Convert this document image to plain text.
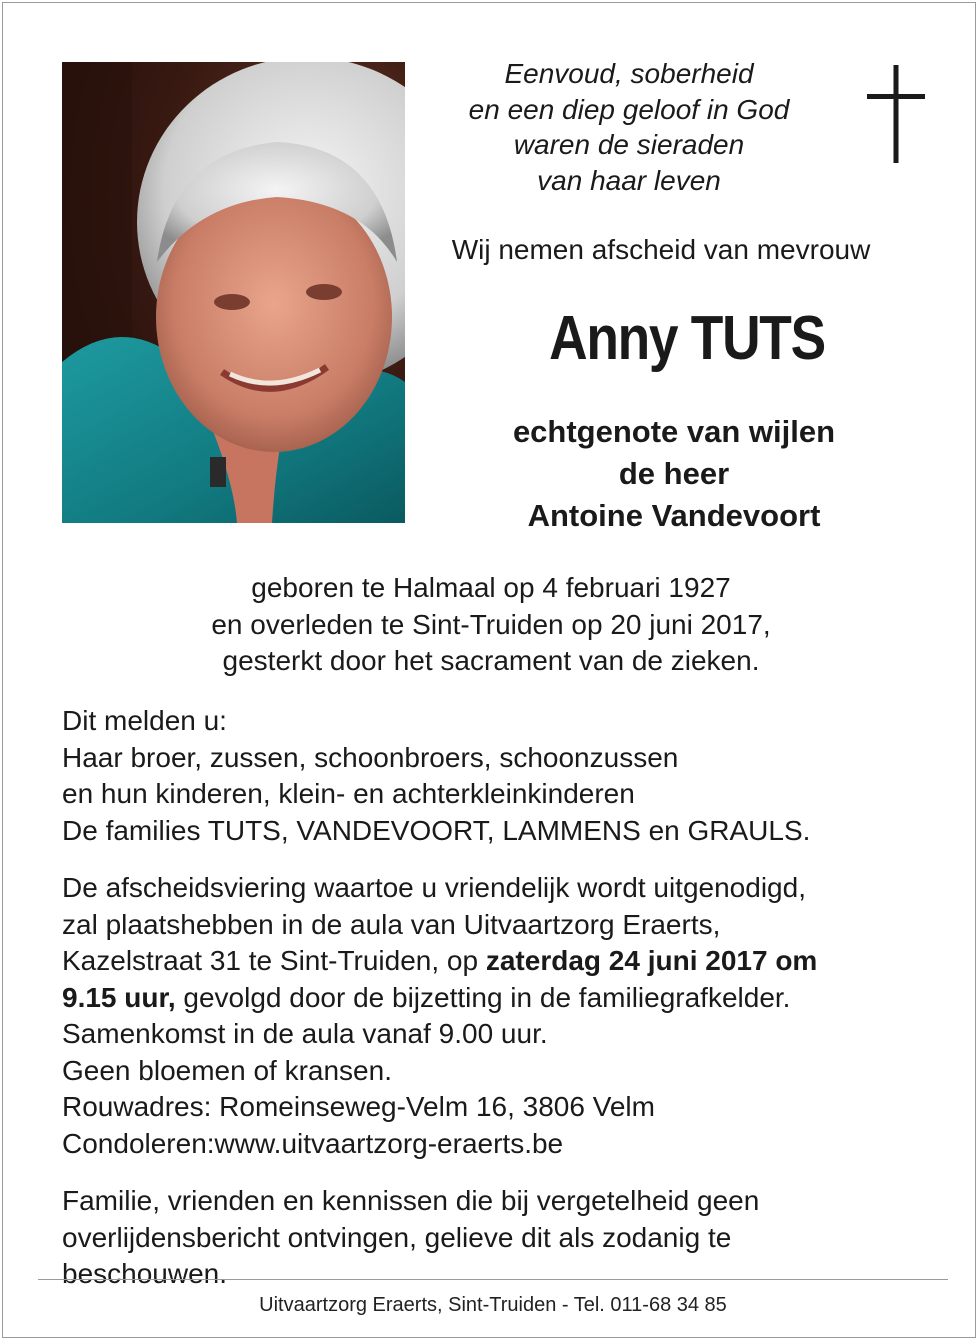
Eenvoud, soberheid
en een diep geloof in God
waren de sieraden
van haar leven
Wij nemen afscheid van mevrouw
Anny TUTS
echtgenote van wijlen
de heer
Antoine Vandevoort
geboren te Halmaal op 4 februari 1927
en overleden te Sint-Truiden op 20 juni 2017,
gesterkt door het sacrament van de zieken.
Dit melden u:
Haar broer, zussen, schoonbroers, schoonzussen
en hun kinderen, klein- en achterkleinkinderen
De families TUTS, VANDEVOORT, LAMMENS en GRAULS.
De afscheidsviering waartoe u vriendelijk wordt uitgenodigd,
zal plaatshebben in de aula van Uitvaartzorg Eraerts,
Kazelstraat 31 te Sint-Truiden, op zaterdag 24 juni 2017 om
9.15 uur, gevolgd door de bijzetting in de familiegrafkelder.
Samenkomst in de aula vanaf 9.00 uur.
Geen bloemen of kransen.
Rouwadres: Romeinseweg-Velm 16, 3806 Velm
Condoleren:www.uitvaartzorg-eraerts.be
Familie, vrienden en kennissen die bij vergetelheid geen
overlijdensbericht ontvingen, gelieve dit als zodanig te
beschouwen.
Uitvaartzorg Eraerts, Sint-Truiden - Tel. 011-68 34 85
